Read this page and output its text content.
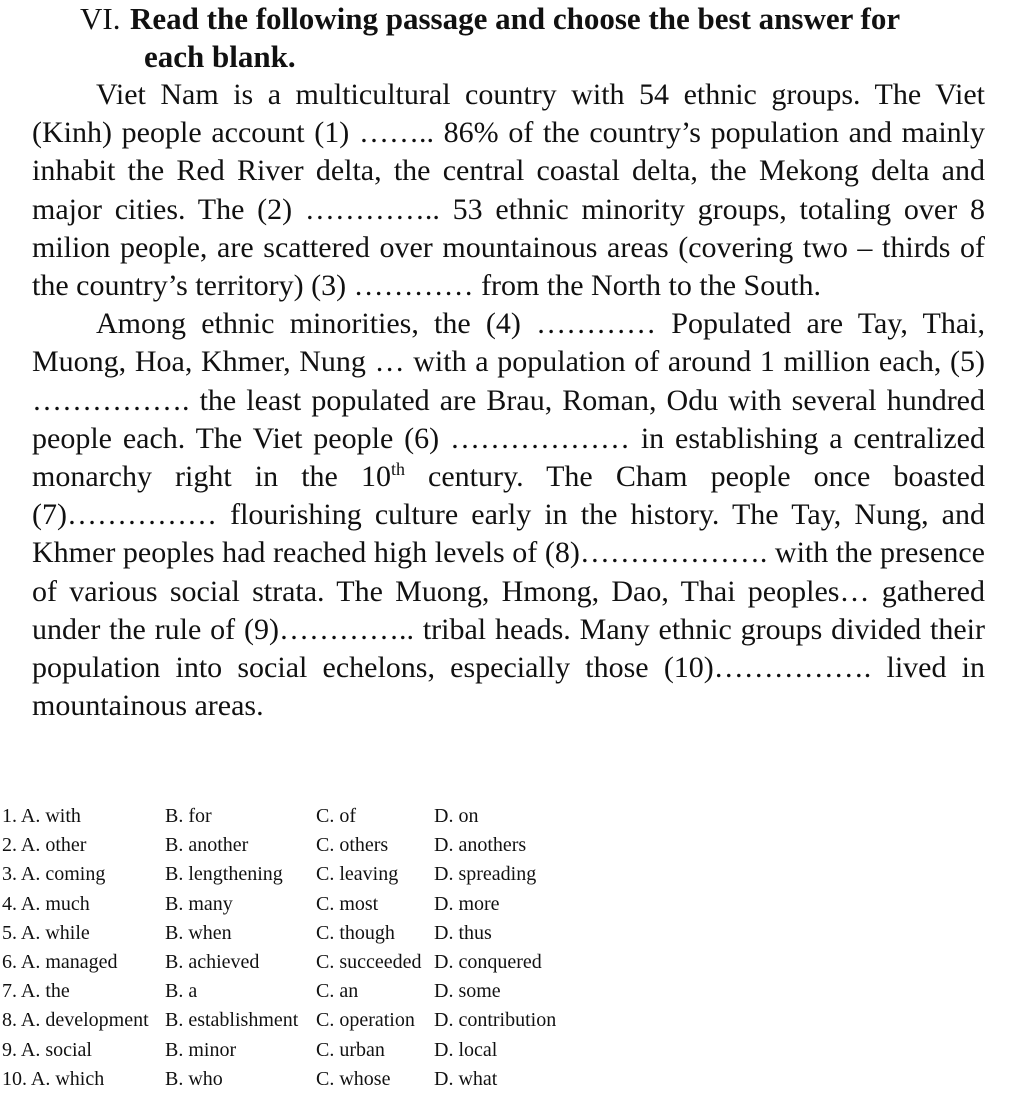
VI. Read the following passage and choose the best answer for
each blank.

Viet Nam is a multicultural country with 54 ethnic groups. The Viet (Kinh) people account (1) …….. 86% of the country’s population and mainly inhabit the Red River delta, the central coastal delta, the Mekong delta and major cities. The (2) ………….. 53 ethnic minority groups, totaling over 8 milion people, are scattered over mountainous areas (covering two – thirds of the country’s territory) (3) ………… from the North to the South.

Among ethnic minorities, the (4) ………… Populated are Tay, Thai, Muong, Hoa, Khmer, Nung … with a population of around 1 million each, (5) ……………. the least populated are Brau, Roman, Odu with several hundred people each. The Viet people (6) ……………… in establishing a centralized monarchy right in the 10th century. The Cham people once boasted (7)…………… flourishing culture early in the history. The Tay, Nung, and Khmer peoples had reached high levels of (8)………………. with the presence of various social strata. The Muong, Hmong, Dao, Thai peoples… gathered under the rule of (9)………….. tribal heads. Many ethnic groups divided their population into social echelons, especially those (10)……………. lived in mountainous areas.

1. A. with	B. for	C. of	D. on
2. A. other	B. another	C. others D. anothers
3. A. coming	B. lengthening C. leaving D. spreading
4. A. much	B. many	C. most	D. more
5. A. while	B. when	C. though D. thus
6. A. managed B. achieved	C. succeeded D. conquered
7. A. the	B. a	C. an	D. some
8. A. development B. establishment C. operation D. contribution
9. A. social	B. minor	C. urban D. local
10. A. which	B. who	C. whose D. what
